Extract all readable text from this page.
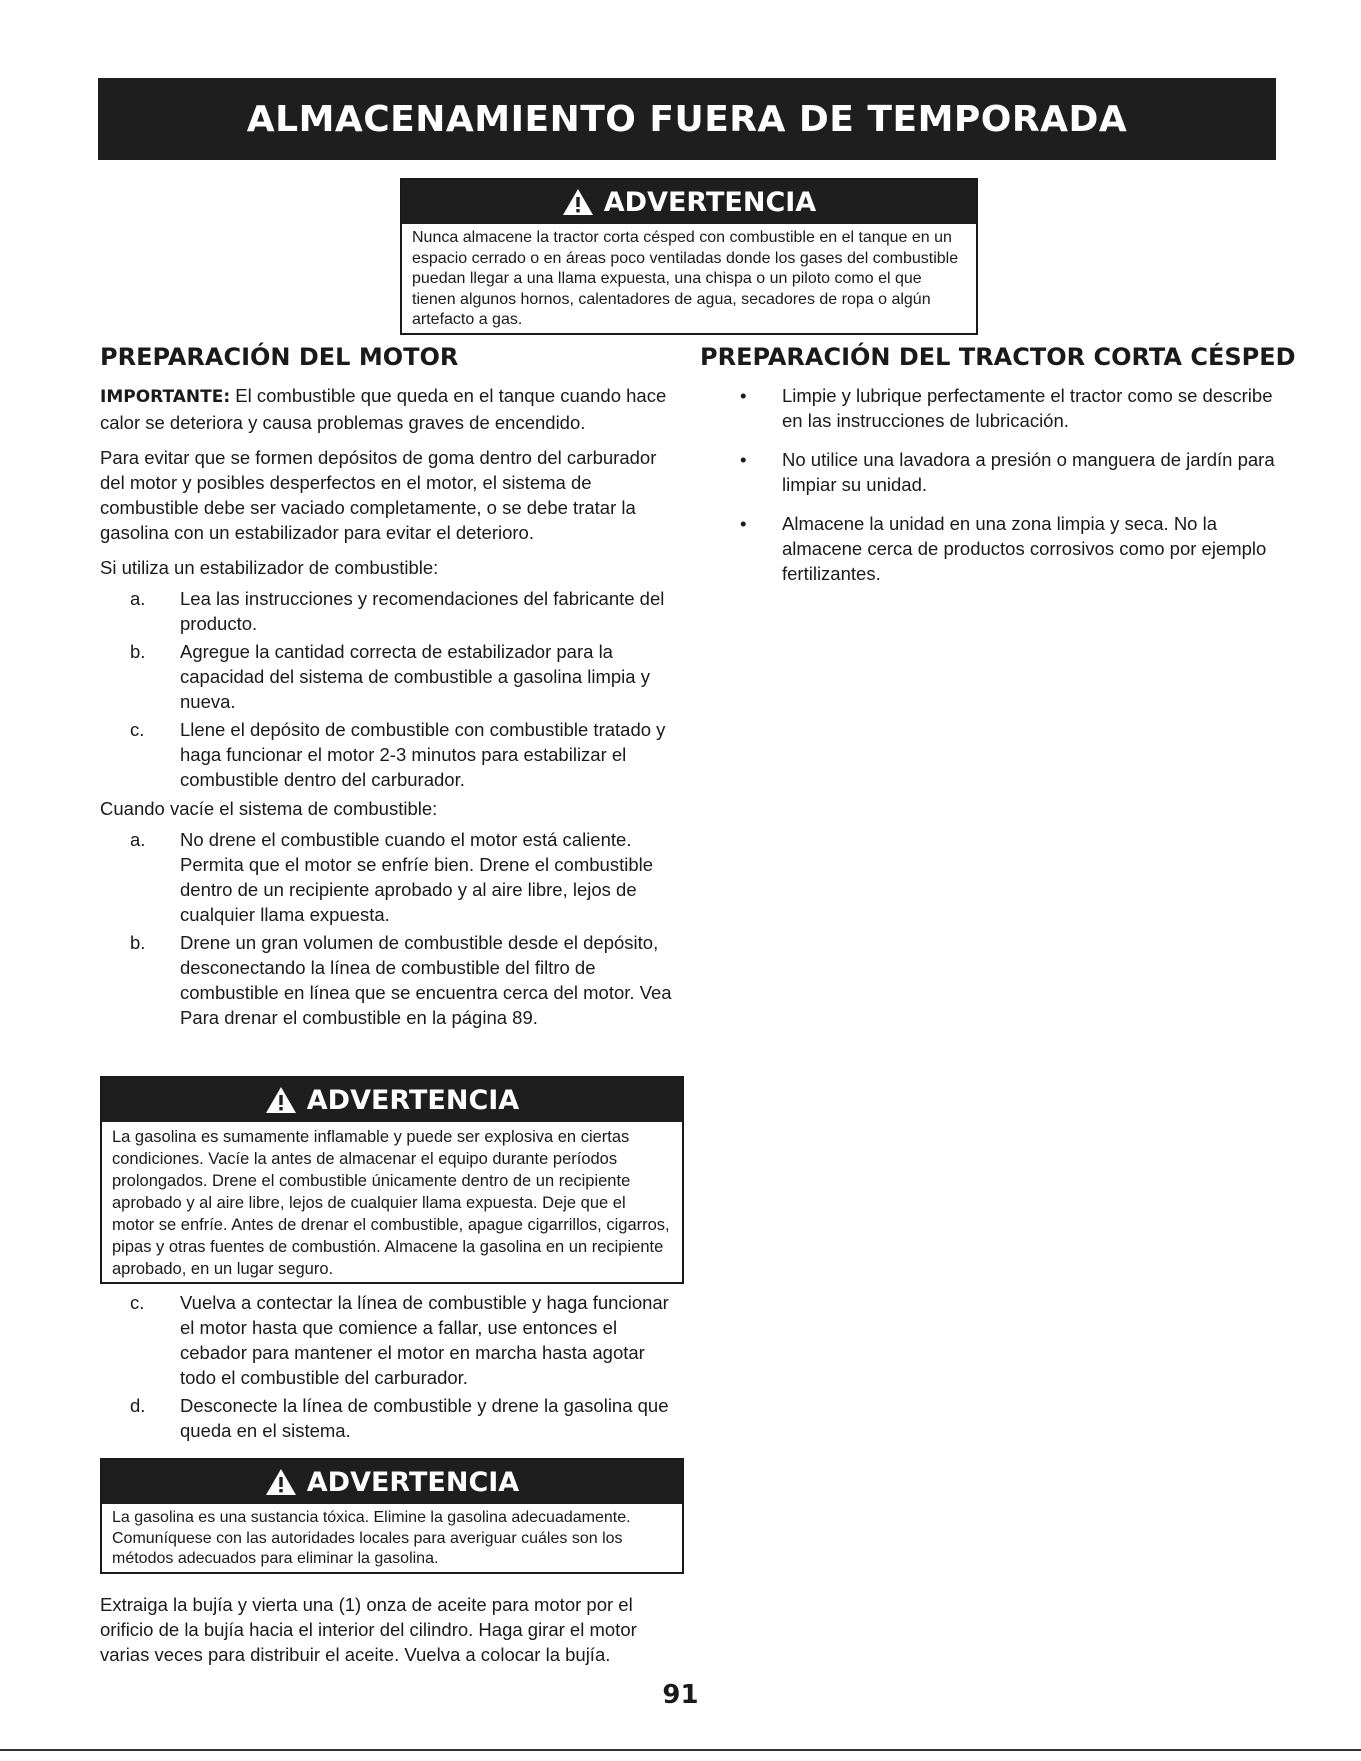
ALMACENAMIENTO FUERA DE TEMPORADA
ADVERTENCIA

Nunca almacene la tractor corta césped con combustible en el tanque en un espacio cerrado o en áreas poco ventiladas donde los gases del combustible puedan llegar a una llama expuesta, una chispa o un piloto como el que tienen algunos hornos, calentadores de agua, secadores de ropa o algún artefacto a gas.

PREPARACIÓN DEL MOTOR	PREPARACIÓN DEL TRACTOR CORTA CÉSPED

IMPORTANTE: El combustible que queda en el tanque cuando hace calor se deteriora y causa problemas graves de encendido.

Para evitar que se formen depósitos de goma dentro del carburador del motor y posibles desperfectos en el motor, el sistema de combustible debe ser vaciado completamente, o se debe tratar la gasolina con un estabilizador para evitar el deterioro.

Si utiliza un estabilizador de combustible:

a. Lea las instrucciones y recomendaciones del fabricante del producto.
b. Agregue la cantidad correcta de estabilizador para la capacidad del sistema de combustible a gasolina limpia y nueva.
c. Llene el depósito de combustible con combustible tratado y haga funcionar el motor 2-3 minutos para estabilizar el combustible dentro del carburador.

Cuando vacíe el sistema de combustible:

a. No drene el combustible cuando el motor está caliente. Permita que el motor se enfríe bien. Drene el combustible dentro de un recipiente aprobado y al aire libre, lejos de cualquier llama expuesta.
b. Drene un gran volumen de combustible desde el depósito, desconectando la línea de combustible del filtro de combustible en línea que se encuentra cerca del motor. Vea Para drenar el combustible en la página 89.
ADVERTENCIA

La gasolina es sumamente inflamable y puede ser explosiva en ciertas condiciones. Vacíe la antes de almacenar el equipo durante períodos prolongados. Drene el combustible únicamente dentro de un recipiente aprobado y al aire libre, lejos de cualquier llama expuesta. Deje que el motor se enfríe. Antes de drenar el combustible, apague cigarrillos, cigarros, pipas y otras fuentes de combustión. Almacene la gasolina en un recipiente aprobado, en un lugar seguro.

c. Vuelva a contectar la línea de combustible y haga funcionar el motor hasta que comience a fallar, use entonces el cebador para mantener el motor en marcha hasta agotar todo el combustible del carburador.
d. Desconecte la línea de combustible y drene la gasolina que queda en el sistema.
ADVERTENCIA

La gasolina es una sustancia tóxica. Elimine la gasolina adecuadamente. Comuníquese con las autoridades locales para averiguar cuáles son los métodos adecuados para eliminar la gasolina.

Extraiga la bujía y vierta una (1) onza de aceite para motor por el orificio de la bujía hacia el interior del cilindro. Haga girar el motor varias veces para distribuir el aceite. Vuelva a colocar la bujía.

• Limpie y lubrique perfectamente el tractor como se describe en las instrucciones de lubricación.
• No utilice una lavadora a presión o manguera de jardín para limpiar su unidad.
• Almacene la unidad en una zona limpia y seca. No la almacene cerca de productos corrosivos como por ejemplo fertilizantes.
91
